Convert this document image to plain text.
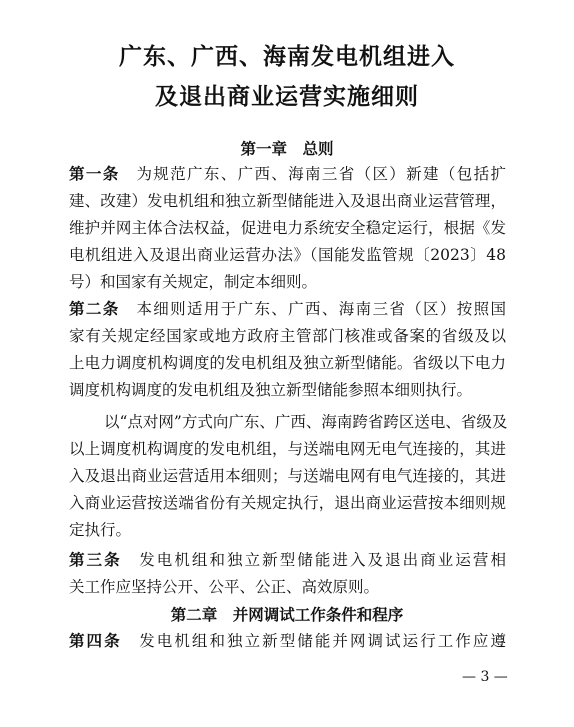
广东、广西、海南发电机组进入
及退出商业运营实施细则
第一章　总则
第一条　 为规范广东、广西、海南三省（区）新建（包括扩
建、改建）发电机组和独立新型储能进入及退出商业运营管理，
维护并网主体合法权益，促进电力系统安全稳定运行，根据《发
电机组进入及退出商业运营办法》（国能发监管规〔2023〕48
号）和国家有关规定，制定本细则。
第二条　 本细则适用于广东、广西、海南三省（区）按照国
家有关规定经国家或地方政府主管部门核准或备案的省级及以
上电力调度机构调度的发电机组及独立新型储能。省级以下电力
调度机构调度的发电机组及独立新型储能参照本细则执行。
以“点对网”方式向广东、广西、海南跨省跨区送电、省级及
以上调度机构调度的发电机组，与送端电网无电气连接的，其进
入及退出商业运营适用本细则；与送端电网有电气连接的，其进
入商业运营按送端省份有关规定执行，退出商业运营按本细则规
定执行。
第三条　 发电机组和独立新型储能进入及退出商业运营相
关工作应坚持公开、公平、公正、高效原则。
第二章　并网调试工作条件和程序
第四条　 发电机组和独立新型储能并网调试运行工作应遵
— 3 —
